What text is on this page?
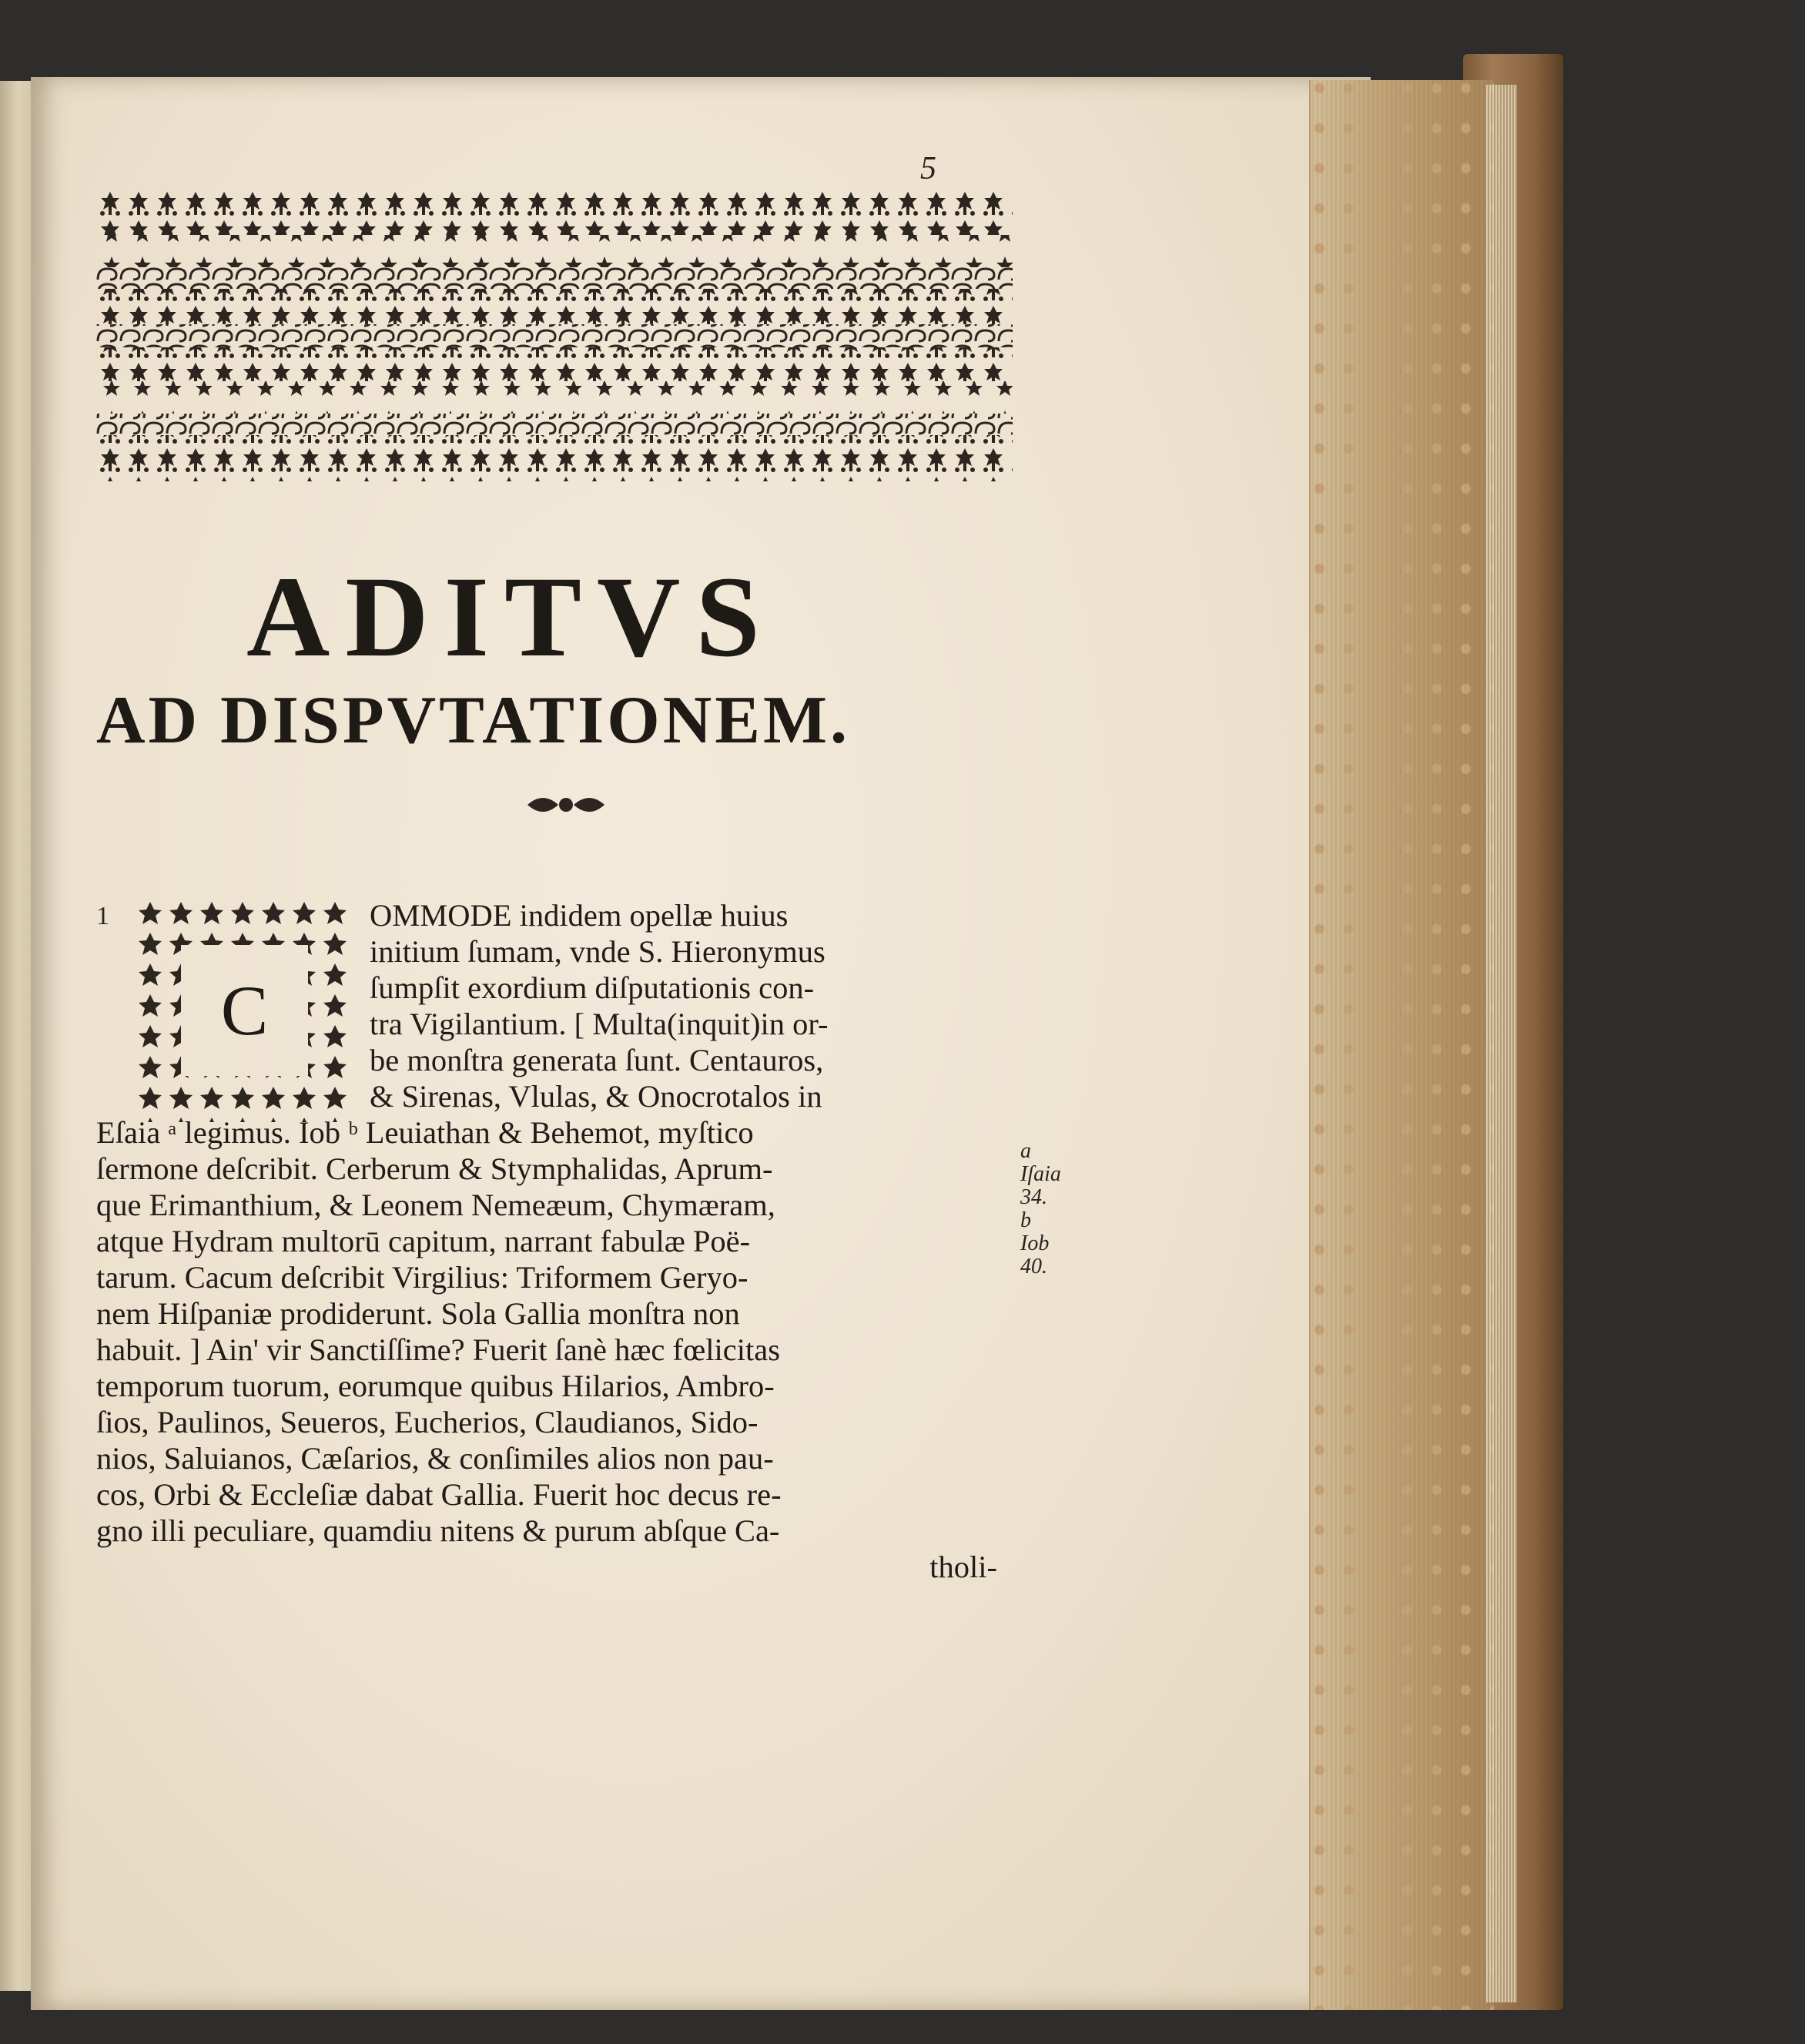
5
ADITVS
AD DISPVTATIONEM.
1
C
OMMODE indidem opellæ huius
initium ſumam, vnde S. Hieronymus
ſumpſit exordium diſputationis con-
tra Vigilantium. [ Multa(inquit)in or-
be monſtra generata ſunt. Centauros,
& Sirenas, Vlulas, & Onocrotalos in
Eſaia ᵃ legimus. Iob ᵇ Leuiathan & Behemot, myſtico
ſermone deſcribit. Cerberum & Stymphalidas, Aprum-
que Erimanthium, & Leonem Nemeæum, Chymæram,
atque Hydram multorū capitum, narrant fabulæ Poë-
tarum. Cacum deſcribit Virgilius: Triformem Geryo-
nem Hiſpaniæ prodiderunt. Sola Gallia monſtra non
habuit. ] Ain' vir Sanctiſſime? Fuerit ſanè hæc fœlicitas
temporum tuorum, eorumque quibus Hilarios, Ambro-
ſios, Paulinos, Seueros, Eucherios, Claudianos, Sido-
nios, Saluianos, Cæſarios, & conſimiles alios non pau-
cos, Orbi & Eccleſiæ dabat Gallia. Fuerit hoc decus re-
gno illi peculiare, quamdiu nitens & purum abſque Ca-
tholi-
a Iſaia 34.
b Iob 40.
